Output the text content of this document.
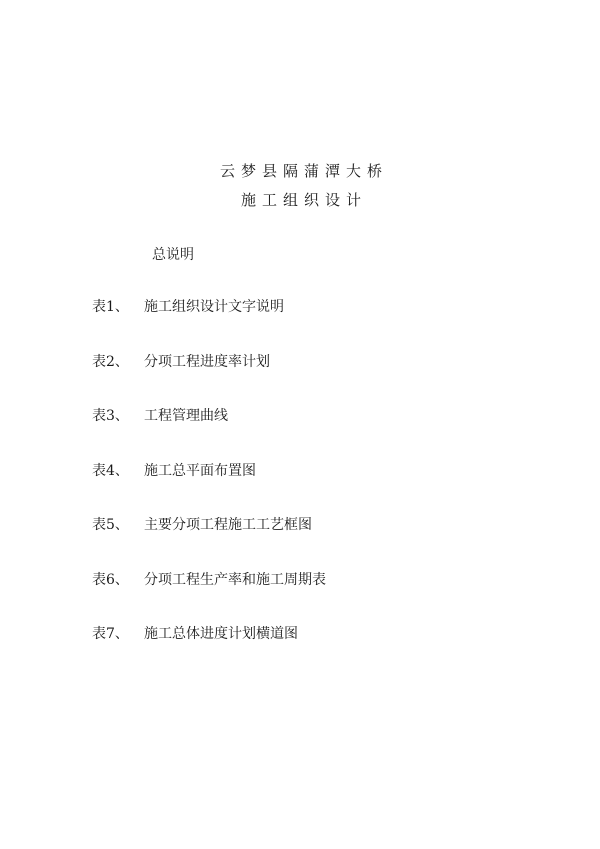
云梦县隔蒲潭大桥
施工组织设计
总说明
表1、	施工组织设计文字说明
表2、	分项工程进度率计划
表3、	工程管理曲线
表4、	施工总平面布置图
表5、	主要分项工程施工工艺框图
表6、	分项工程生产率和施工周期表
表7、	施工总体进度计划横道图
